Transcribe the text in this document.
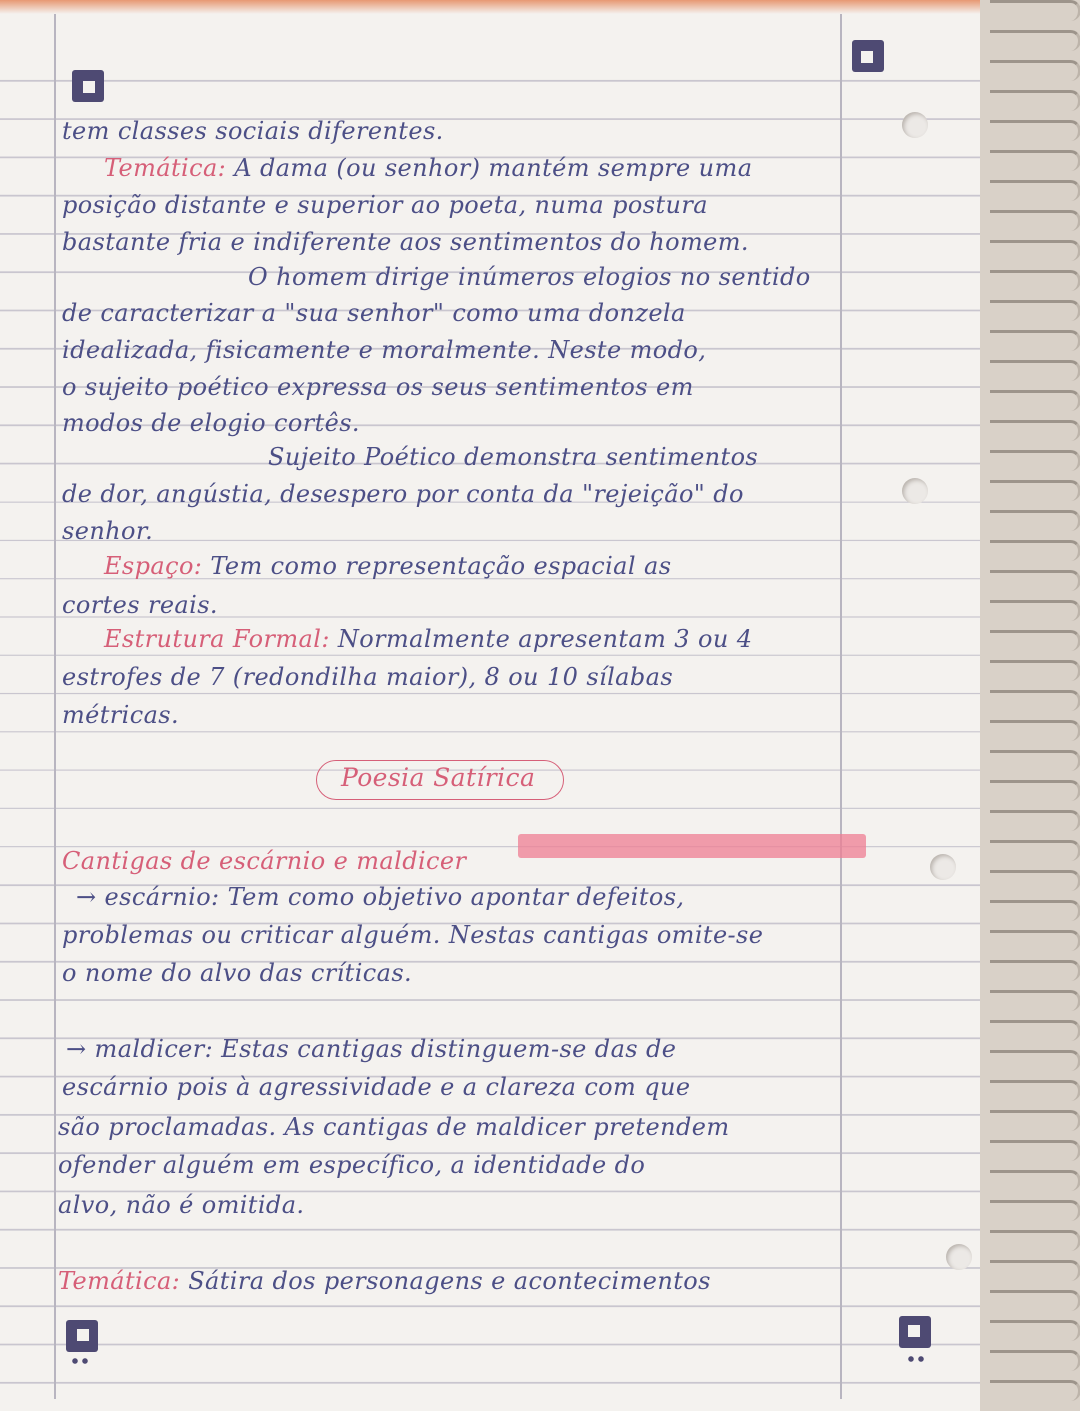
tem classes sociais diferentes.
Temática: A dama (ou senhor) mantém sempre uma
posição distante e superior ao poeta, numa postura
bastante fria e indiferente aos sentimentos do homem.
O homem dirige inúmeros elogios no sentido
de caracterizar a "sua senhor" como uma donzela
idealizada, fisicamente e moralmente. Neste modo,
o sujeito poético expressa os seus sentimentos em
modos de elogio cortês.
Sujeito Poético demonstra sentimentos
de dor, angústia, desespero por conta da "rejeição" do
senhor.
Espaço: Tem como representação espacial as
cortes reais.
Estrutura Formal: Normalmente apresentam 3 ou 4
estrofes de 7 (redondilha maior), 8 ou 10 sílabas
métricas.
Poesia Satírica
Cantigas de escárnio e maldicer
→ escárnio: Tem como objetivo apontar defeitos,
problemas ou criticar alguém. Nestas cantigas omite-se
o nome do alvo das críticas.
→ maldicer: Estas cantigas distinguem-se das de
escárnio pois à agressividade e a clareza com que
são proclamadas. As cantigas de maldicer pretendem
ofender alguém em específico, a identidade do
alvo, não é omitida.
Temática: Sátira dos personagens e acontecimentos
